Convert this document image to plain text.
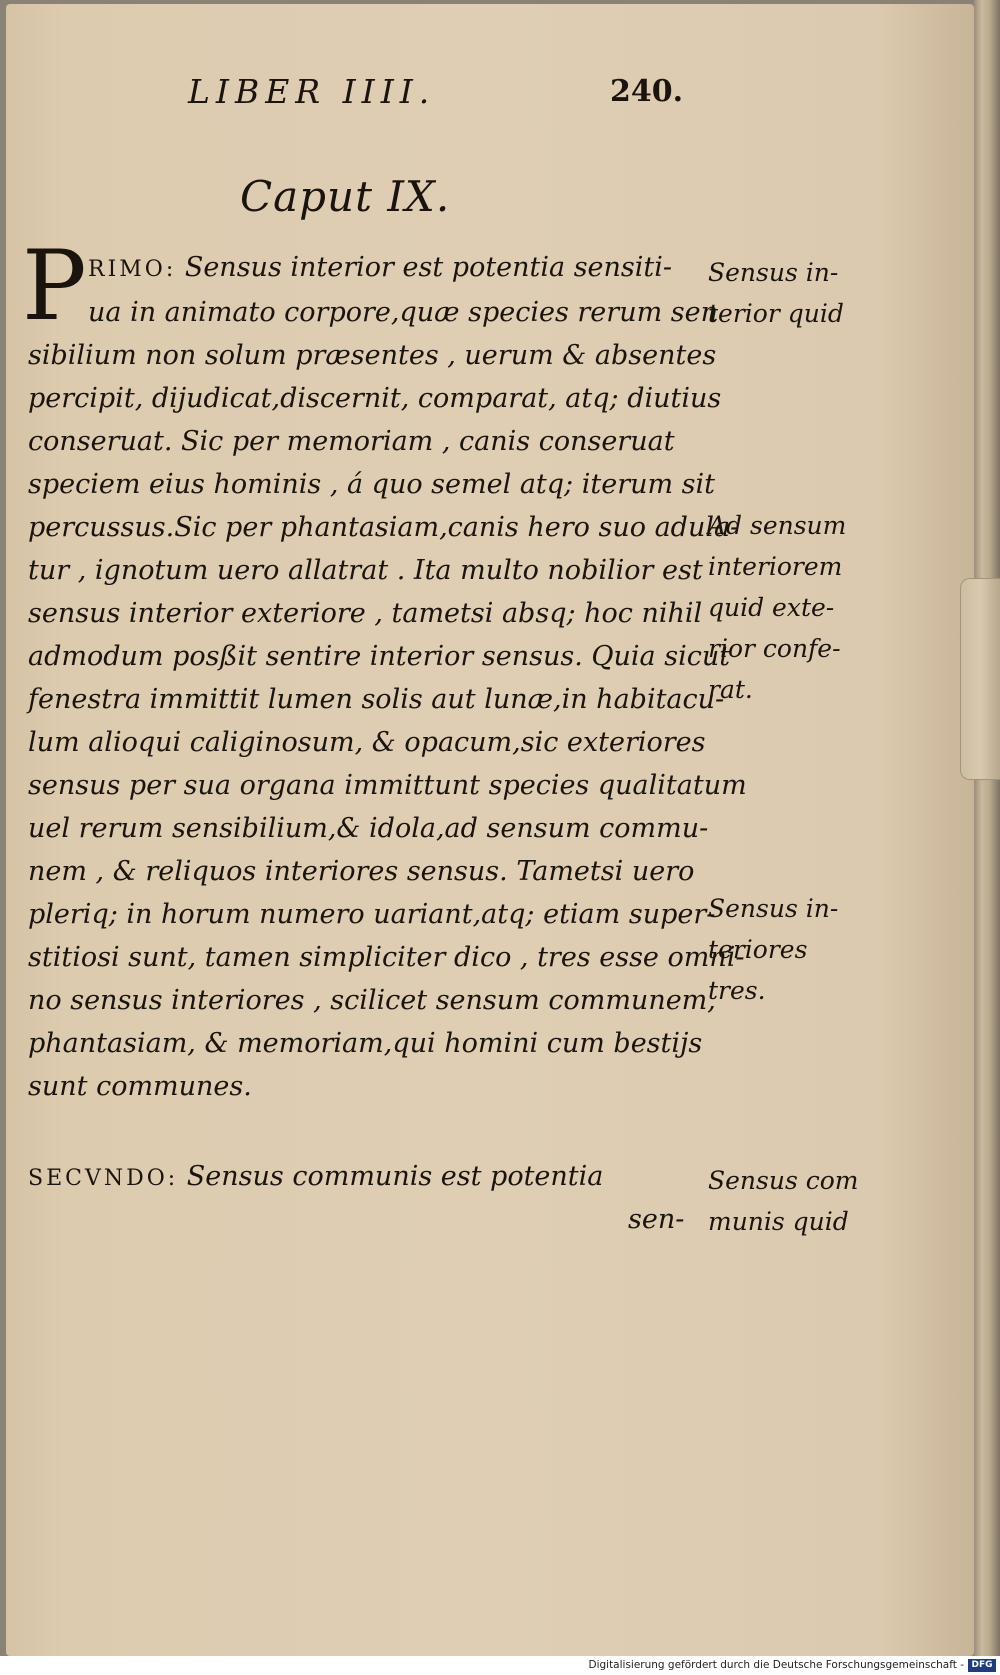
LIBER IIII.	240.
Caput IX.
P RIMO: Sensus interior est potentia sensiti-
ua in animato corpore,quæ species rerum sen
sibilium non solum præsentes , uerum & absentes
percipit, dijudicat,discernit, comparat, atq; diutius
conseruat. Sic per memoriam , canis conseruat
speciem eius hominis , á quo semel atq; iterum sit
percussus.Sic per phantasiam,canis hero suo adula-
tur , ignotum uero allatrat . Ita multo nobilior est
sensus interior exteriore , tametsi absq; hoc nihil
admodum posßit sentire interior sensus. Quia sicut
fenestra immittit lumen solis aut lunæ,in habitacu-
lum alioqui caliginosum, & opacum,sic exteriores
sensus per sua organa immittunt species qualitatum
uel rerum sensibilium,& idola,ad sensum commu-
nem , & reliquos interiores sensus. Tametsi uero
pleriq; in horum numero uariant,atq; etiam super-
stitiosi sunt, tamen simpliciter dico , tres esse omni-
no sensus interiores , scilicet sensum communem,
phantasiam, & memoriam,qui homini cum bestijs
sunt communes.
SECVNDO: Sensus communis est potentia
sen-
Sensus in-
terior quid
Ad sensum
interiorem
quid exte-
rior confe-
rat.
Sensus in-
teriores
tres.
Sensus com
munis quid
Digitalisierung gefördert durch die Deutsche Forschungsgemeinschaft - DFG
